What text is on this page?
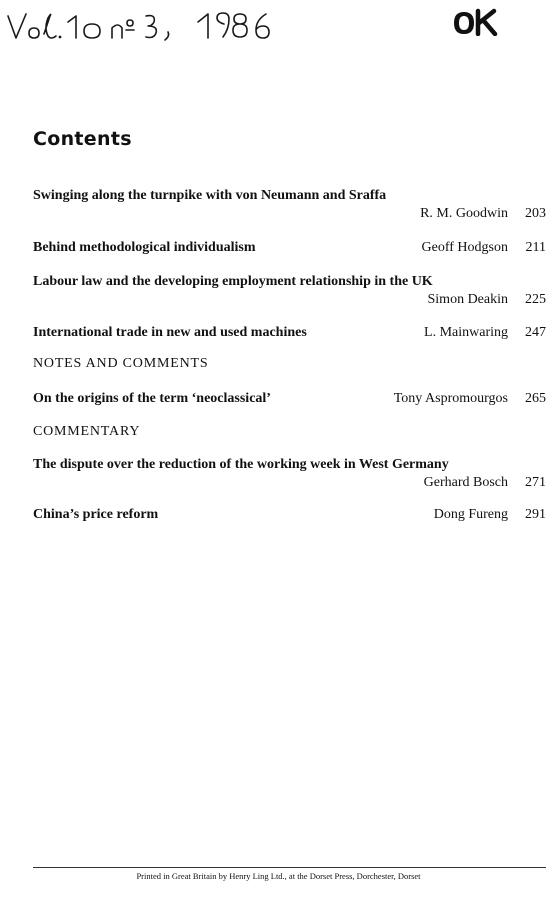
Contents
Swinging along the turnpike with von Neumann and Sraffa
R. M. Goodwin	203
Behind methodological individualism	Geoff Hodgson	211
Labour law and the developing employment relationship in the UK
Simon Deakin	225
International trade in new and used machines	L. Mainwaring	247
NOTES AND COMMENTS
On the origins of the term ‘neoclassical’	Tony Aspromourgos	265
COMMENTARY
The dispute over the reduction of the working week in West Germany
Gerhard Bosch	271
China’s price reform	Dong Fureng	291
Printed in Great Britain by Henry Ling Ltd., at the Dorset Press, Dorchester, Dorset
